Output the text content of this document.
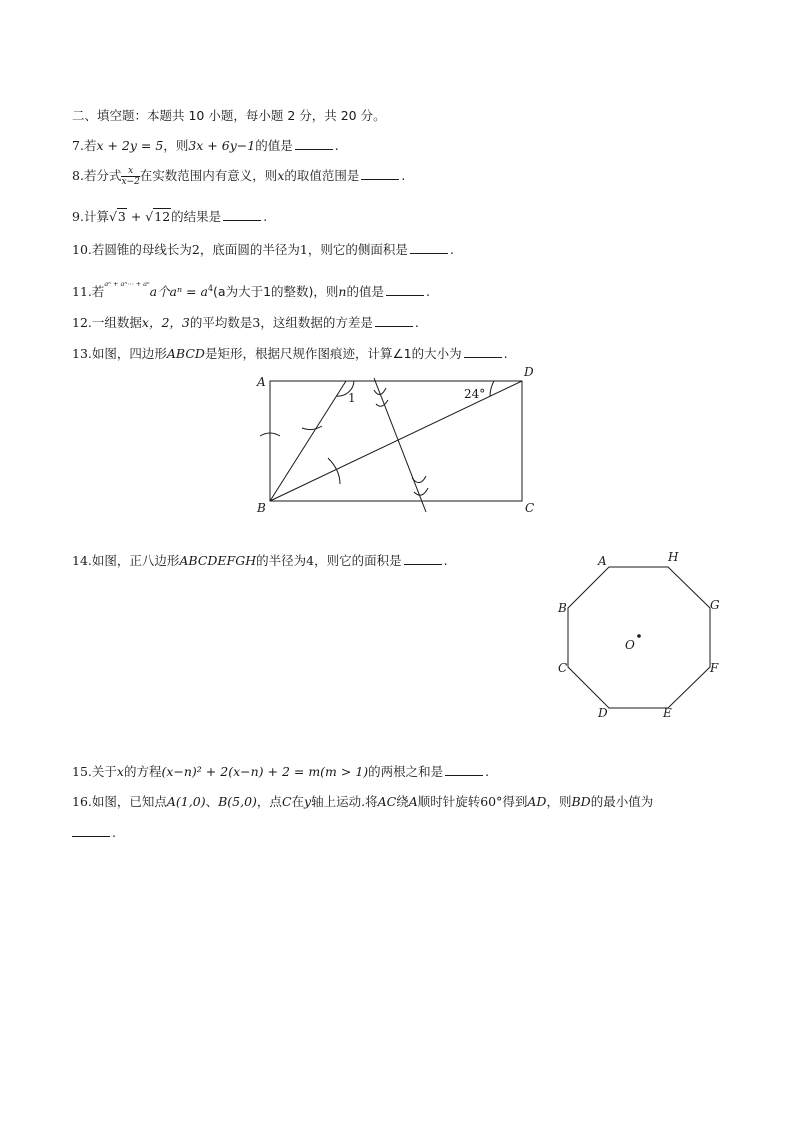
二、填空题：本题共 10 小题，每小题 2 分，共 20 分。
7.若x + 2y = 5，则3x + 6y−1的值是	.
8.若分式 $\frac{x}{x-2}$ 在实数范围内有意义，则x的取值范围是	.
9.计算√3 + √12的结果是	.
10.若圆锥的母线长为2，底面圆的半径为1，则它的侧面积是	.
11.若$^{a^n + a^n\cdots + a^n}$a个$a^n = a^4(a$为大于1的整数)，则n的值是	.
12.一组数据x，2，3的平均数是3，这组数据的方差是	.
13.如图，四边形ABCD是矩形，根据尺规作图痕迹，计算∠1的大小为	.
A
B	C
D
1	24°
14.如图，正八边形ABCDEFGH的半径为4，则它的面积是	.	A	H
G
B
C	F
D	E
O
15.关于x的方程(x−n)² + 2(x−n) + 2 = m(m > 1)的两根之和是	.
16.如图，已知点A(1,0)、B(5,0)，点C在y轴上运动.将AC绕A顺时针旋转60°得到AD，则BD的最小值为
.
